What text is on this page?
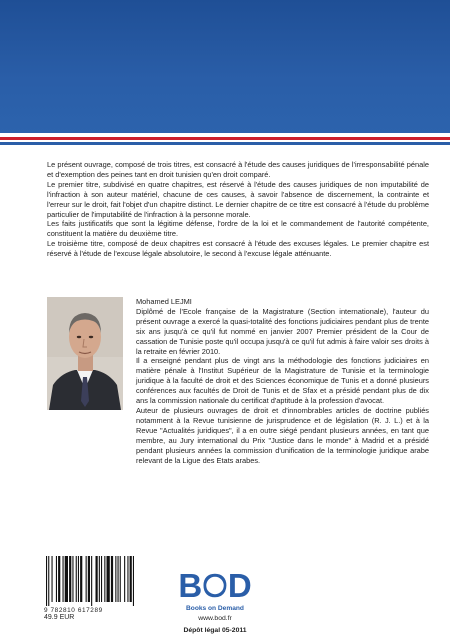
Le présent ouvrage, composé de trois titres, est consacré à l'étude des causes juridiques de l'irresponsabilité pénale et d'exemption des peines tant en droit tunisien qu'en droit comparé.

Le premier titre, subdivisé en quatre chapitres, est réservé à l'étude des causes juridiques de non imputabilité de l'infraction à son auteur matériel, chacune de ces causes, à savoir l'absence de discernement, la contrainte et l'erreur sur le droit, fait l'objet d'un chapitre distinct. Le dernier chapitre de ce titre est consacré à l'étude du problème particulier de l'imputabilité de l'infraction à la personne morale.

Les faits justificatifs que sont la légitime défense, l'ordre de la loi et le commandement de l'autorité compétente, constituent la matière du deuxième titre.

Le troisième titre, composé de deux chapitres est consacré à l'étude des excuses légales. Le premier chapitre est réservé à l'étude de l'excuse légale absolutoire, le second à l'excuse légale atténuante.

Mohamed LEJMI

Diplômé de l'Ecole française de la Magistrature (Section internationale), l'auteur du présent ouvrage a exercé la quasi-totalité des fonctions judiciaires pendant plus de trente six ans jusqu'à ce qu'il fut nommé en janvier 2007 Premier président de la Cour de cassation de Tunisie poste qu'il occupa jusqu'à ce qu'il fut admis à faire valoir ses droits à la retraite en février 2010.

Il a enseigné pendant plus de vingt ans la méthodologie des fonctions judiciaires en matière pénale à l'Institut Supérieur de la Magistrature de Tunisie et la terminologie juridique à la faculté de droit et des Sciences économique de Tunis et a donné plusieurs conférences aux facultés de Droit de Tunis et de Sfax et a présidé pendant plus de dix ans la commission nationale du certificat d'aptitude à la profession d'avocat.

Auteur de plusieurs ouvrages de droit et d'innombrables articles de doctrine publiés notamment à la Revue tunisienne de jurisprudence et de législation (R. J. L.) et à la Revue "Actualités juridiques", il a en outre siégé pendant plusieurs années, en tant que membre, au Jury international du Prix "Justice dans le monde" à Madrid et a présidé pendant plusieurs années la commission d'unification de la terminologie juridique arabe relevant de la Ligue des Etats arabes.

9 782810 617289
49.9 EUR
BOD
Books on Demand
www.bod.fr
Dépôt légal 05-2011
